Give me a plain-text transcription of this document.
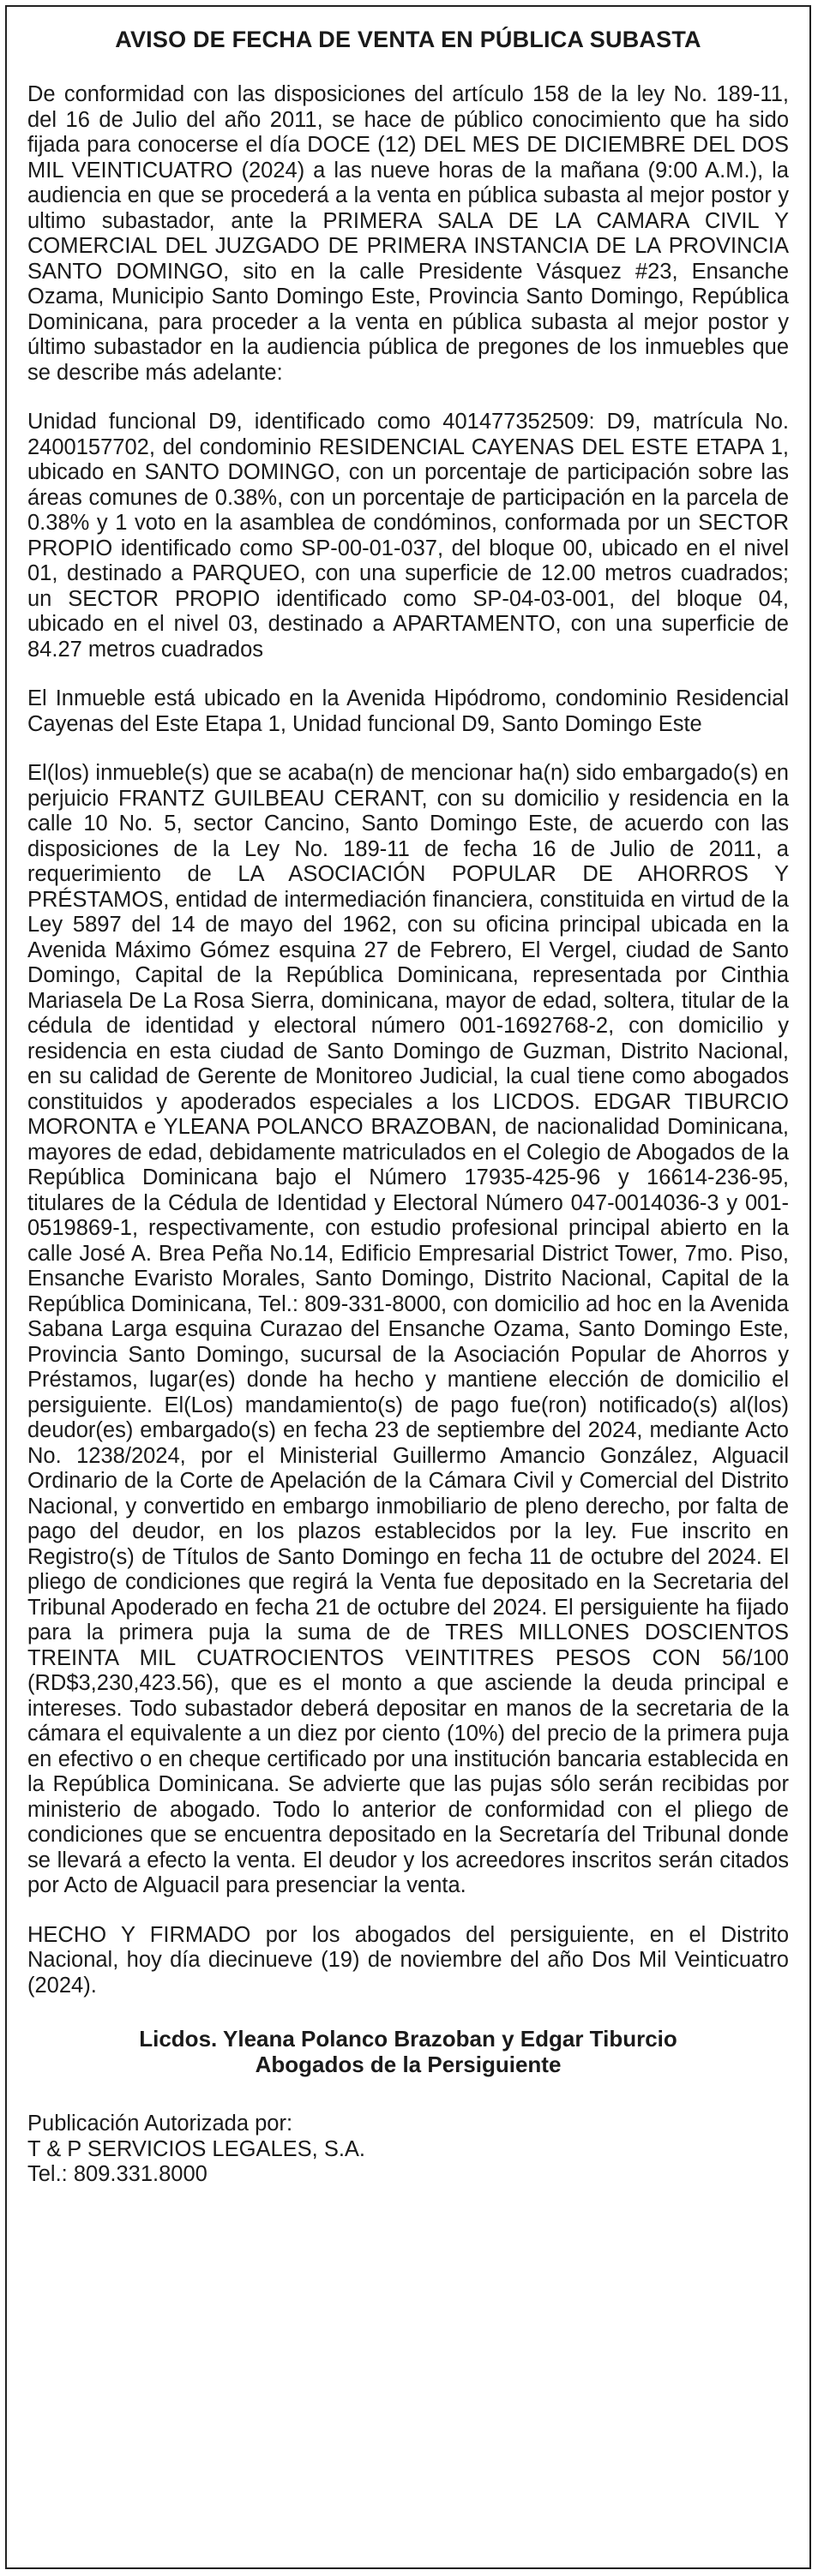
AVISO DE FECHA DE VENTA EN PÚBLICA SUBASTA

De conformidad con las disposiciones del artículo 158 de la ley No. 189-11, del 16 de Julio del año 2011, se hace de público conocimiento que ha sido fijada para conocerse el día DOCE (12) DEL MES DE DICIEMBRE DEL DOS MIL VEINTICUATRO (2024) a las nueve horas de la mañana (9:00 A.M.), la audiencia en que se procederá a la venta en pública subasta al mejor postor y ultimo subastador, ante la PRIMERA SALA DE LA CAMARA CIVIL Y COMERCIAL DEL JUZGADO DE PRIMERA INSTANCIA DE LA PROVINCIA SANTO DOMINGO, sito en la calle Presidente Vásquez #23, Ensanche Ozama, Municipio Santo Domingo Este, Provincia Santo Domingo, República Dominicana, para proceder a la venta en pública subasta al mejor postor y último subastador en la audiencia pública de pregones de los inmuebles que se describe más adelante:

Unidad funcional D9, identificado como 401477352509: D9, matrícula No. 2400157702, del condominio RESIDENCIAL CAYENAS DEL ESTE ETAPA 1, ubicado en SANTO DOMINGO, con un porcentaje de participación sobre las áreas comunes de 0.38%, con un porcentaje de participación en la parcela de 0.38% y 1 voto en la asamblea de condóminos, conformada por un SECTOR PROPIO identificado como SP-00-01-037, del bloque 00, ubicado en el nivel 01, destinado a PARQUEO, con una superficie de 12.00 metros cuadrados; un SECTOR PROPIO identificado como SP-04-03-001, del bloque 04, ubicado en el nivel 03, destinado a APARTAMENTO, con una superficie de 84.27 metros cuadrados

El Inmueble está ubicado en la Avenida Hipódromo, condominio Residencial Cayenas del Este Etapa 1, Unidad funcional D9, Santo Domingo Este

El(los) inmueble(s) que se acaba(n) de mencionar ha(n) sido embargado(s) en perjuicio FRANTZ GUILBEAU CERANT, con su domicilio y residencia en la calle 10 No. 5, sector Cancino, Santo Domingo Este, de acuerdo con las disposiciones de la Ley No. 189-11 de fecha 16 de Julio de 2011, a requerimiento de LA ASOCIACIÓN POPULAR DE AHORROS Y PRÉSTAMOS, entidad de intermediación financiera, constituida en virtud de la Ley 5897 del 14 de mayo del 1962, con su oficina principal ubicada en la Avenida Máximo Gómez esquina 27 de Febrero, El Vergel, ciudad de Santo Domingo, Capital de la República Dominicana, representada por Cinthia Mariasela De La Rosa Sierra, dominicana, mayor de edad, soltera, titular de la cédula de identidad y electoral número 001-1692768-2, con domicilio y residencia en esta ciudad de Santo Domingo de Guzman, Distrito Nacional, en su calidad de Gerente de Monitoreo Judicial, la cual tiene como abogados constituidos y apoderados especiales a los LICDOS. EDGAR TIBURCIO MORONTA e YLEANA POLANCO BRAZOBAN, de nacionalidad Dominicana, mayores de edad, debidamente matriculados en el Colegio de Abogados de la República Dominicana bajo el Número 17935-425-96 y 16614-236-95, titulares de la Cédula de Identidad y Electoral Número 047-0014036-3 y 001-0519869-1, respectivamente, con estudio profesional principal abierto en la calle José A. Brea Peña No.14, Edificio Empresarial District Tower, 7mo. Piso, Ensanche Evaristo Morales, Santo Domingo, Distrito Nacional, Capital de la República Dominicana, Tel.: 809-331-8000, con domicilio ad hoc en la Avenida Sabana Larga esquina Curazao del Ensanche Ozama, Santo Domingo Este, Provincia Santo Domingo, sucursal de la Asociación Popular de Ahorros y Préstamos, lugar(es) donde ha hecho y mantiene elección de domicilio el persiguiente. El(Los) mandamiento(s) de pago fue(ron) notificado(s) al(los) deudor(es) embargado(s) en fecha 23 de septiembre del 2024, mediante Acto No. 1238/2024, por el Ministerial Guillermo Amancio González, Alguacil Ordinario de la Corte de Apelación de la Cámara Civil y Comercial del Distrito Nacional, y convertido en embargo inmobiliario de pleno derecho, por falta de pago del deudor, en los plazos establecidos por la ley. Fue inscrito en Registro(s) de Títulos de Santo Domingo en fecha 11 de octubre del 2024. El pliego de condiciones que regirá la Venta fue depositado en la Secretaria del Tribunal Apoderado en fecha 21 de octubre del 2024. El persiguiente ha fijado para la primera puja la suma de de TRES MILLONES DOSCIENTOS TREINTA MIL CUATROCIENTOS VEINTITRES PESOS CON 56/100 (RD$3,230,423.56), que es el monto a que asciende la deuda principal e intereses. Todo subastador deberá depositar en manos de la secretaria de la cámara el equivalente a un diez por ciento (10%) del precio de la primera puja en efectivo o en cheque certificado por una institución bancaria establecida en la República Dominicana. Se advierte que las pujas sólo serán recibidas por ministerio de abogado. Todo lo anterior de conformidad con el pliego de condiciones que se encuentra depositado en la Secretaría del Tribunal donde se llevará a efecto la venta. El deudor y los acreedores inscritos serán citados por Acto de Alguacil para presenciar la venta.

HECHO Y FIRMADO por los abogados del persiguiente, en el Distrito Nacional, hoy día diecinueve (19) de noviembre del año Dos Mil Veinticuatro (2024).

Licdos. Yleana Polanco Brazoban y Edgar Tiburcio
Abogados de la Persiguiente
Publicación Autorizada por:
T & P SERVICIOS LEGALES, S.A.
Tel.: 809.331.8000
